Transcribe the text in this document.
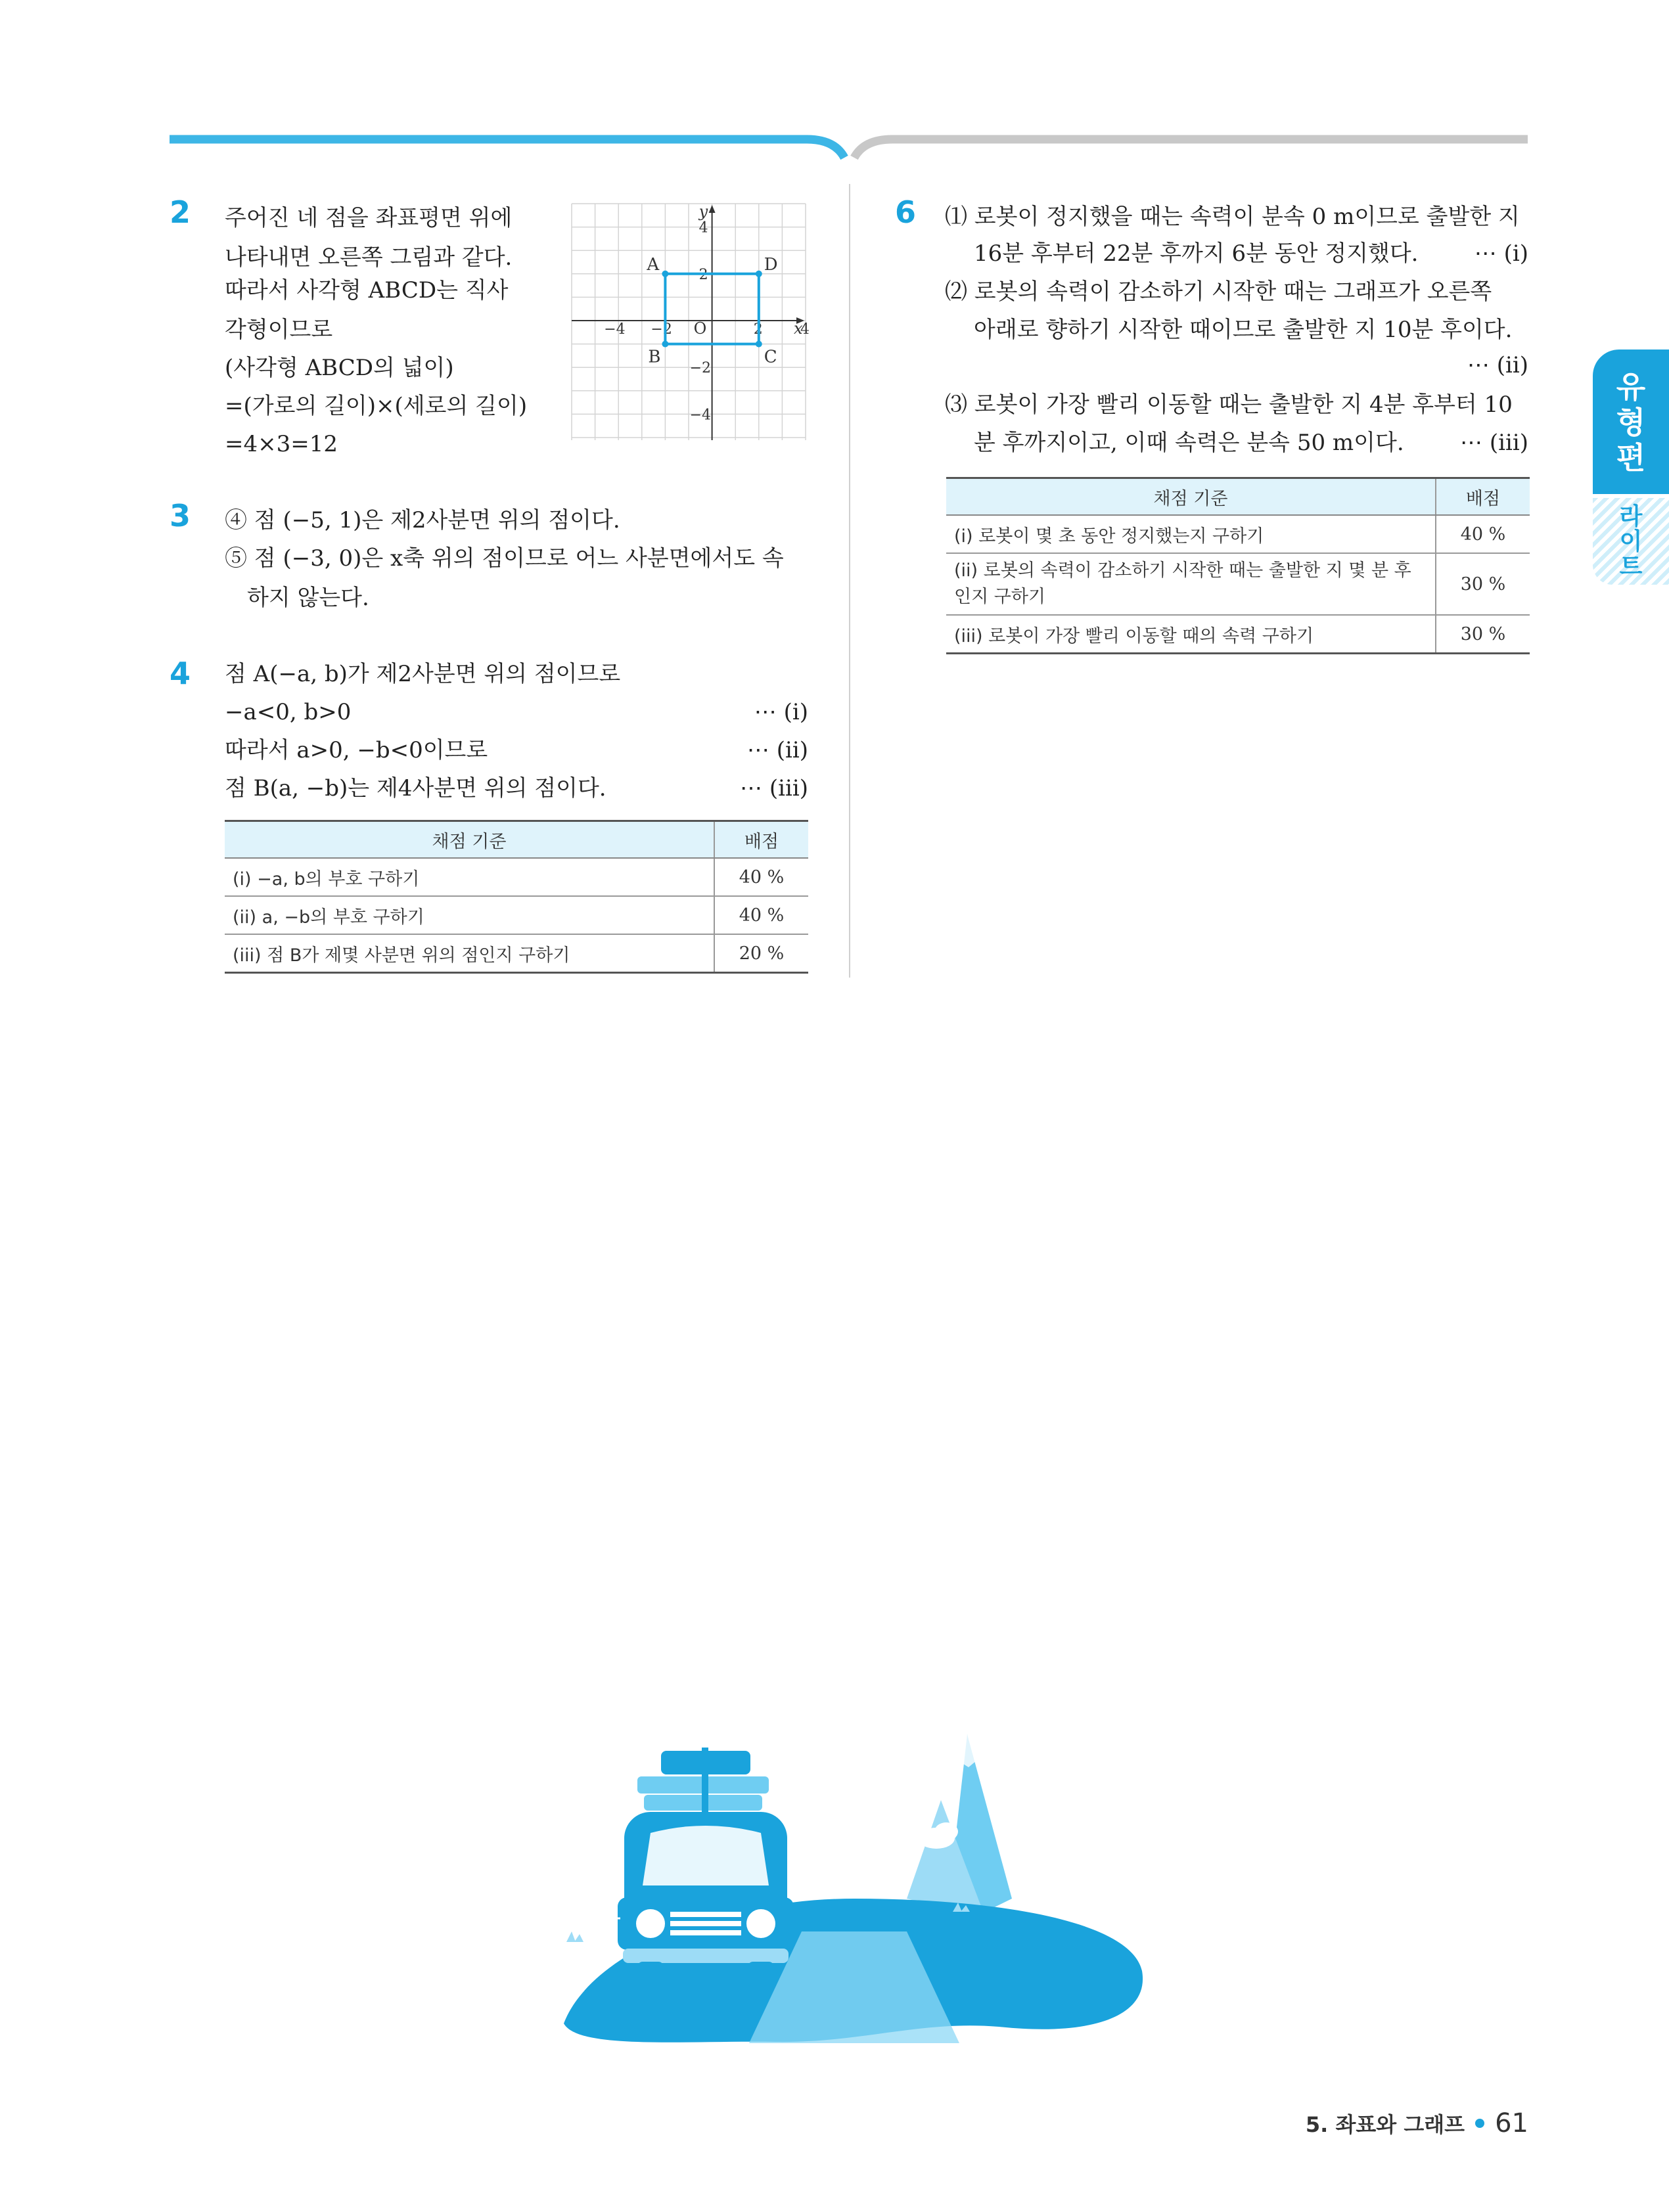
2 주어진 네 점을 좌표평면 위에
나타내면 오른쪽 그림과 같다.
따라서 사각형 ABCD는 직사
각형이므로
(사각형 ABCD의 넓이)
=(가로의 길이)×(세로의 길이)
=4×3=12
x
y
O
−4 −2	2	4
4
2
−2
−4
A
B	C
D
3 ④ 점 (−5, 1)은 제2사분면 위의 점이다.
⑤ 점 (−3, 0)은 x축 위의 점이므로 어느 사분면에서도 속
하지 않는다.
4 점 A(−a, b)가 제2사분면 위의 점이므로
−a<0, b>0	⋯ (i)
따라서 a>0, −b<0이므로	⋯ (ii)
점 B(a, −b)는 제4사분면 위의 점이다.	⋯ (iii)
채점 기준	배점
(i) −a, b의 부호 구하기	40 %
(ii) a, −b의 부호 구하기	40 %
(iii) 점 B가 제몇 사분면 위의 점인지 구하기	20 %
6 ⑴ 로봇이 정지했을 때는 속력이 분속 0 m이므로 출발한 지
16분 후부터 22분 후까지 6분 동안 정지했다.	⋯ (i)
⑵ 로봇의 속력이 감소하기 시작한 때는 그래프가 오른쪽
아래로 향하기 시작한 때이므로 출발한 지 10분 후이다.
⋯ (ii)
⑶ 로봇이 가장 빨리 이동할 때는 출발한 지 4분 후부터 10
분 후까지이고, 이때 속력은 분속 50 m이다.	⋯ (iii)
채점 기준	배점
(i) 로봇이 몇 초 동안 정지했는지 구하기	40 %
(ii) 로봇의 속력이 감소하기 시작한 때는 출발한 지 몇 분 후인지 구하기	30 %
(iii) 로봇이 가장 빨리 이동할 때의 속력 구하기	30 %
유
형
편
라
이
트
5. 좌표와 그래프 61
